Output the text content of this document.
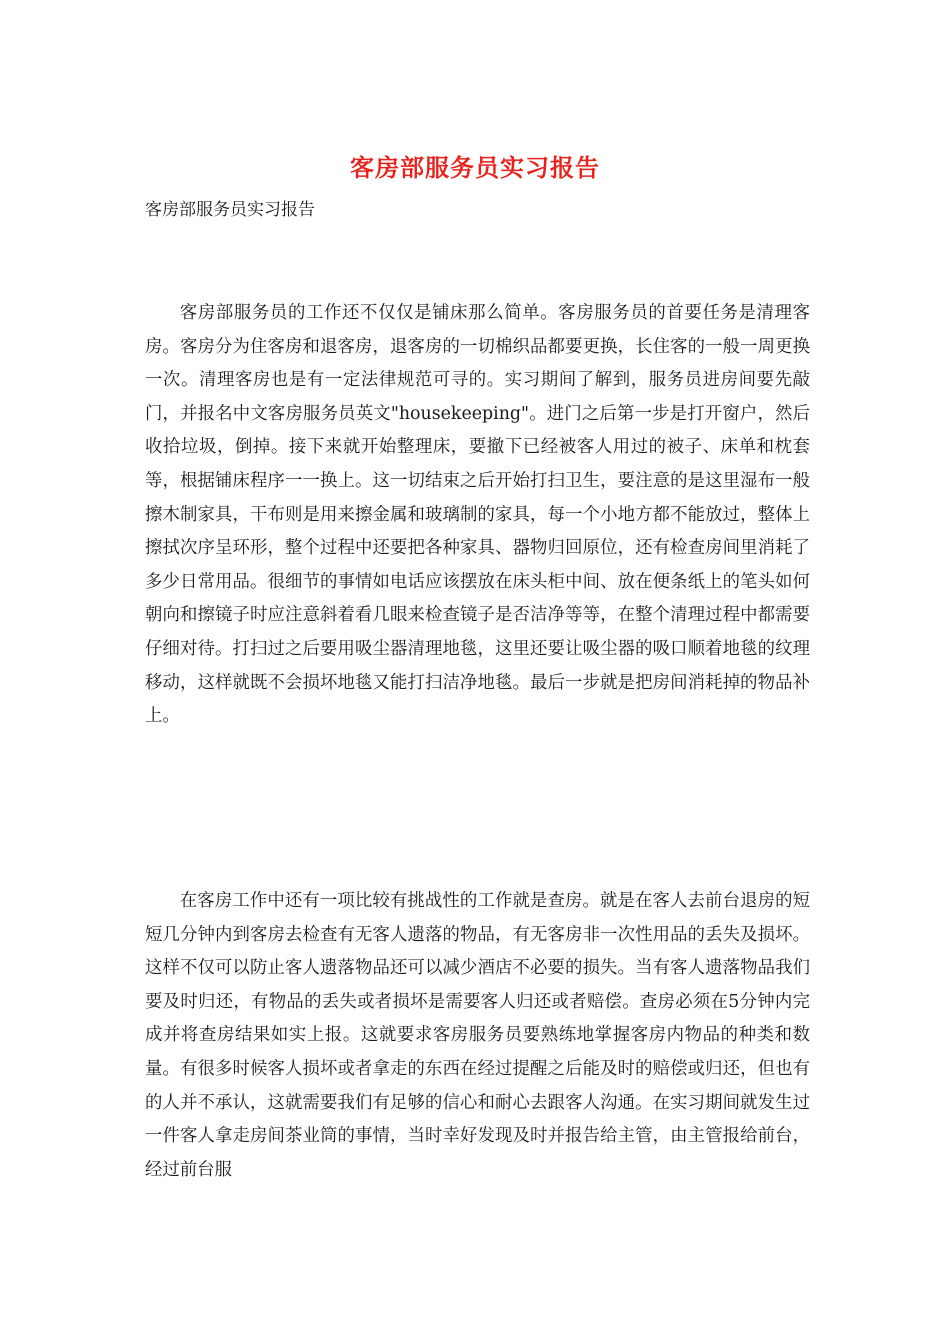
客房部服务员实习报告
客房部服务员实习报告

客房部服务员的工作还不仅仅是铺床那么简单。客房服务员的首要任务是清理客房。客房分为住客房和退客房，退客房的一切棉织品都要更换，长住客的一般一周更换一次。清理客房也是有一定法律规范可寻的。实习期间了解到，服务员进房间要先敲门，并报名中文客房服务员英文"housekeeping"。进门之后第一步是打开窗户，然后收拾垃圾，倒掉。接下来就开始整理床，要撤下已经被客人用过的被子、床单和枕套等，根据铺床程序一一换上。这一切结束之后开始打扫卫生，要注意的是这里湿布一般擦木制家具，干布则是用来擦金属和玻璃制的家具，每一个小地方都不能放过，整体上擦拭次序呈环形，整个过程中还要把各种家具、器物归回原位，还有检查房间里消耗了多少日常用品。很细节的事情如电话应该摆放在床头柜中间、放在便条纸上的笔头如何朝向和擦镜子时应注意斜着看几眼来检查镜子是否洁净等等，在整个清理过程中都需要仔细对待。打扫过之后要用吸尘器清理地毯，这里还要让吸尘器的吸口顺着地毯的纹理移动，这样就既不会损坏地毯又能打扫洁净地毯。最后一步就是把房间消耗掉的物品补上。

在客房工作中还有一项比较有挑战性的工作就是查房。就是在客人去前台退房的短短几分钟内到客房去检查有无客人遗落的物品，有无客房非一次性用品的丢失及损坏。这样不仅可以防止客人遗落物品还可以减少酒店不必要的损失。当有客人遗落物品我们要及时归还，有物品的丢失或者损坏是需要客人归还或者赔偿。查房必须在5分钟内完成并将查房结果如实上报。这就要求客房服务员要熟练地掌握客房内物品的种类和数量。有很多时候客人损坏或者拿走的东西在经过提醒之后能及时的赔偿或归还，但也有的人并不承认，这就需要我们有足够的信心和耐心去跟客人沟通。在实习期间就发生过一件客人拿走房间茶业筒的事情，当时幸好发现及时并报告给主管，由主管报给前台，经过前台服
